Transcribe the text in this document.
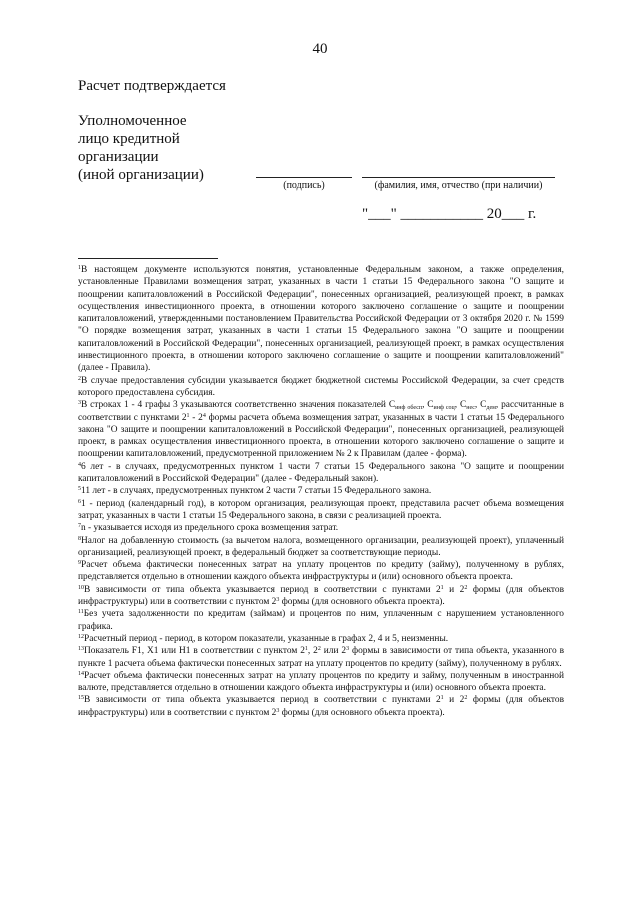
40
Расчет подтверждается
Уполномоченное
лицо кредитной
организации
(иной организации)
(подпись)	(фамилия, имя, отчество (при наличии)
"___" ___________ 20___ г.

$^1$В настоящем документе используются понятия, установленные Федеральным законом, а также определения, установленные Правилами возмещения затрат, указанных в части 1 статьи 15 Федерального закона "О защите и поощрении капиталовложений в Российской Федерации", понесенных организацией, реализующей проект, в рамках осуществления инвестиционного проекта, в отношении которого заключено соглашение о защите и поощрении капиталовложений, утвержденными постановлением Правительства Российской Федерации от 3 октября 2020 г. № 1599 "О порядке возмещения затрат, указанных в части 1 статьи 15 Федерального закона "О защите и поощрении капиталовложений в Российской Федерации", понесенных организацией, реализующей проект, в рамках осуществления инвестиционного проекта, в отношении которого заключено соглашение о защите и поощрении капиталовложений" (далее - Правила).

$^2$В случае предоставления субсидии указывается бюджет бюджетной системы Российской Федерации, за счет средств которого предоставлена субсидия.

$^3$В строках 1 - 4 графы 3 указываются соответственно значения показателей $С_{инф обесп}$, $С_{инф соц}$, $С_{нес}$, $С_{дем}$, рассчитанные в соответствии с пунктами $2^1 - 2^4$ формы расчета объема возмещения затрат, указанных в части 1 статьи 15 Федерального закона "О защите и поощрении капиталовложений в Российской Федерации", понесенных организацией, реализующей проект, в рамках осуществления инвестиционного проекта, в отношении которого заключено соглашение о защите и поощрении капиталовложений, предусмотренной приложением № 2 к Правилам (далее - форма).

$^4$6 лет - в случаях, предусмотренных пунктом 1 части 7 статьи 15 Федерального закона "О защите и поощрении капиталовложений в Российской Федерации" (далее - Федеральный закон).

$^5$11 лет - в случаях, предусмотренных пунктом 2 части 7 статьи 15 Федерального закона.

$^6$1 - период (календарный год), в котором организация, реализующая проект, представила расчет объема возмещения затрат, указанных в части 1 статьи 15 Федерального закона, в связи с реализацией проекта.

$^7$n - указывается исходя из предельного срока возмещения затрат.

$^8$Налог на добавленную стоимость (за вычетом налога, возмещенного организации, реализующей проект), уплаченный организацией, реализующей проект, в федеральный бюджет за соответствующие периоды.

$^9$Расчет объема фактически понесенных затрат на уплату процентов по кредиту (займу), полученному в рублях, представляется отдельно в отношении каждого объекта инфраструктуры и (или) основного объекта проекта.

$^{10}$В зависимости от типа объекта указывается период в соответствии с пунктами $2^1$ и $2^2$ формы (для объектов инфраструктуры) или в соответствии с пунктом $2^3$ формы (для основного объекта проекта).

$^{11}$Без учета задолженности по кредитам (займам) и процентов по ним, уплаченным с нарушением установленного графика.

$^{12}$Расчетный период - период, в котором показатели, указанные в графах 2, 4 и 5, неизменны.

$^{13}$Показатель F1, X1 или H1 в соответствии с пунктом $2^1$, $2^2$ или $2^3$ формы в зависимости от типа объекта, указанного в пункте 1 расчета объема фактически понесенных затрат на уплату процентов по кредиту (займу), полученному в рублях.

$^{14}$Расчет объема фактически понесенных затрат на уплату процентов по кредиту и займу, полученным в иностранной валюте, представляется отдельно в отношении каждого объекта инфраструктуры и (или) основного объекта проекта.

$^{15}$В зависимости от типа объекта указывается период в соответствии с пунктами $2^1$ и $2^2$ формы (для объектов инфраструктуры) или в соответствии с пунктом $2^3$ формы (для основного объекта проекта).
